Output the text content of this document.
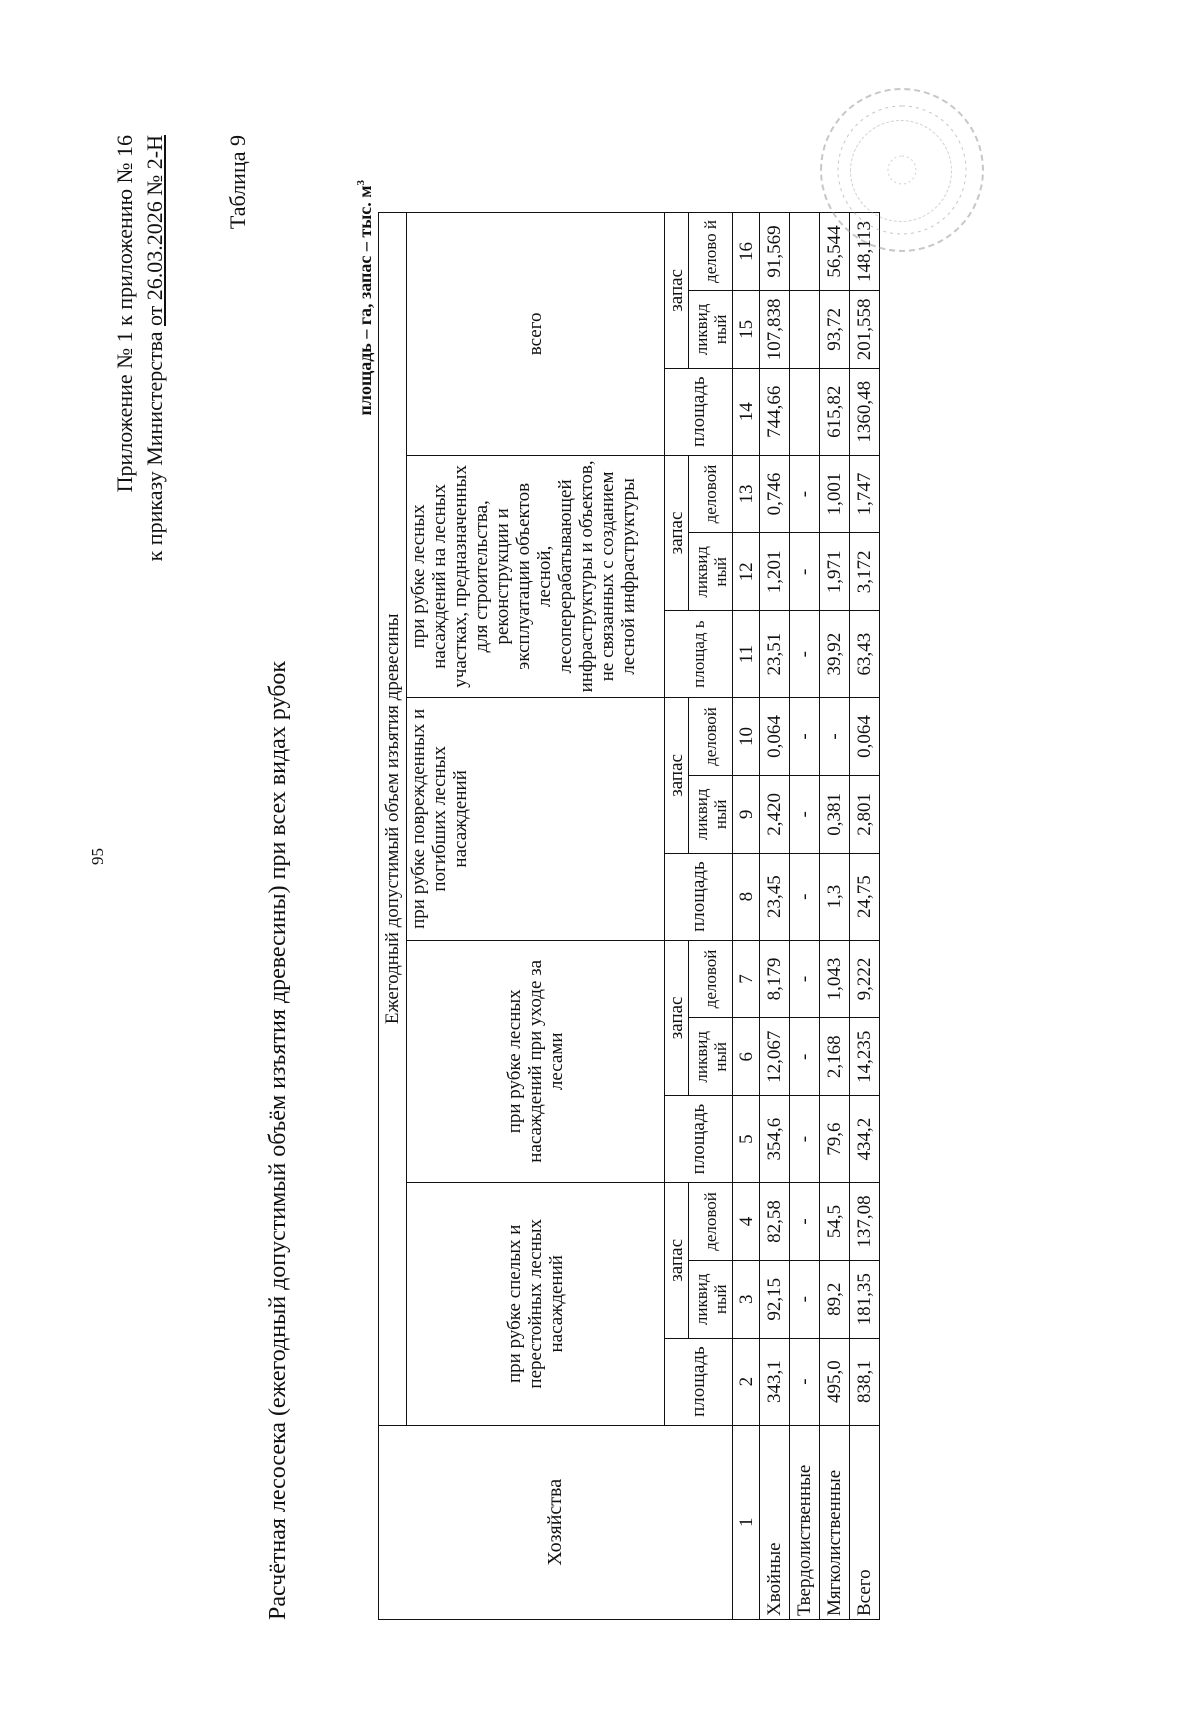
95
Приложение № 1 к приложению № 16 к приказу Министерства от 26.03.2026 № 2-Н	Таблица 9
Расчётная лесосека (ежегодный допустимый объём изъятия древесины) при всех видах рубок
площадь – га, запас – тыс. $м^3$
Хозяйства	Ежегодный допустимый объем изъятия древесины														
	при рубке спелых и перестойных лесных насаждений			при рубке лесных насаждений при уходе за лесами			при рубке поврежденных и погибших лесных насаждений			при рубке лесных насаждений на лесных участках, предназначенных для строительства, реконструкции и эксплуатации объектов лесной, лесоперерабатывающей инфраструктуры и объектов, не связанных с созданием лесной инфраструктуры			всего		
	площадь	запас		площадь	запас		площадь	запас		площад ь	запас		площадь	запас	
		ликвид ный	деловой		ликвид ный	деловой		ликвид ный	деловой		ликвид ный	деловой		ликвид ный	делово й
1	2	3	4	5	6	7	8	9	10	11	12	13	14	15	16
Хвойные	343,1	92,15	82,58	354,6	12,067	8,179	23,45	2,420	0,064	23,51	1,201	0,746	744,66	107,838	91,569
Твердолиственные	-	-	-	-	-	-	-	-	-	-	-	-			
Мягколиственные	495,0	89,2	54,5	79,6	2,168	1,043	1,3	0,381	-	39,92	1,971	1,001	615,82	93,72	56,544
Всего	838,1	181,35	137,08	434,2	14,235	9,222	24,75	2,801	0,064	63,43	3,172	1,747	1360,48	201,558	148,113
